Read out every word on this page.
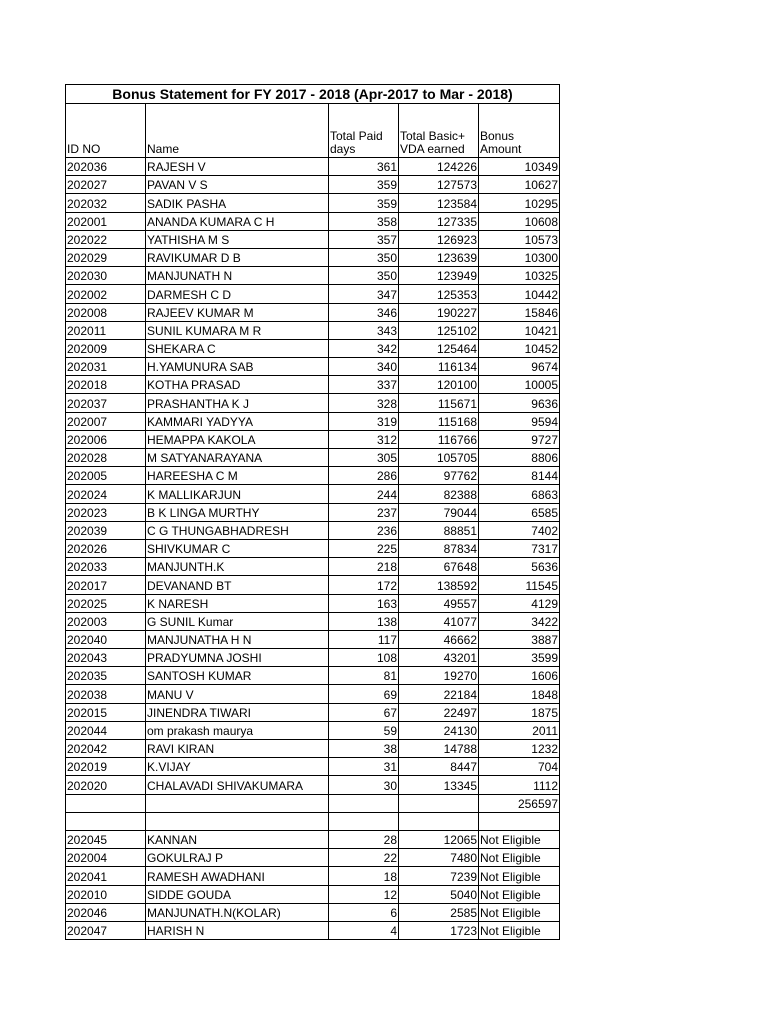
Bonus Statement for FY 2017 - 2018 (Apr-2017 to Mar - 2018)				
ID NO	Name	Total Paid days	Total Basic+ VDA earned	Bonus Amount
202036	RAJESH V	361	124226	10349
202027	PAVAN V S	359	127573	10627
202032	SADIK PASHA	359	123584	10295
202001	ANANDA KUMARA C H	358	127335	10608
202022	YATHISHA M S	357	126923	10573
202029	RAVIKUMAR D B	350	123639	10300
202030	MANJUNATH N	350	123949	10325
202002	DARMESH C D	347	125353	10442
202008	RAJEEV KUMAR M	346	190227	15846
202011	SUNIL KUMARA M R	343	125102	10421
202009	SHEKARA C	342	125464	10452
202031	H.YAMUNURA SAB	340	116134	9674
202018	KOTHA PRASAD	337	120100	10005
202037	PRASHANTHA K J	328	115671	9636
202007	KAMMARI YADYYA	319	115168	9594
202006	HEMAPPA KAKOLA	312	116766	9727
202028	M SATYANARAYANA	305	105705	8806
202005	HAREESHA C M	286	97762	8144
202024	K MALLIKARJUN	244	82388	6863
202023	B K LINGA MURTHY	237	79044	6585
202039	C G THUNGABHADRESH	236	88851	7402
202026	SHIVKUMAR C	225	87834	7317
202033	MANJUNTH.K	218	67648	5636
202017	DEVANAND BT	172	138592	11545
202025	K NARESH	163	49557	4129
202003	G SUNIL Kumar	138	41077	3422
202040	MANJUNATHA H N	117	46662	3887
202043	PRADYUMNA JOSHI	108	43201	3599
202035	SANTOSH KUMAR	81	19270	1606
202038	MANU V	69	22184	1848
202015	JINENDRA TIWARI	67	22497	1875
202044	om prakash maurya	59	24130	2011
202042	RAVI KIRAN	38	14788	1232
202019	K.VIJAY	31	8447	704
202020	CHALAVADI SHIVAKUMARA	30	13345	1112
				256597

202045	KANNAN	28	12065	Not Eligible
202004	GOKULRAJ P	22	7480	Not Eligible
202041	RAMESH AWADHANI	18	7239	Not Eligible
202010	SIDDE GOUDA	12	5040	Not Eligible
202046	MANJUNATH.N(KOLAR)	6	2585	Not Eligible
202047	HARISH N	4	1723	Not Eligible
